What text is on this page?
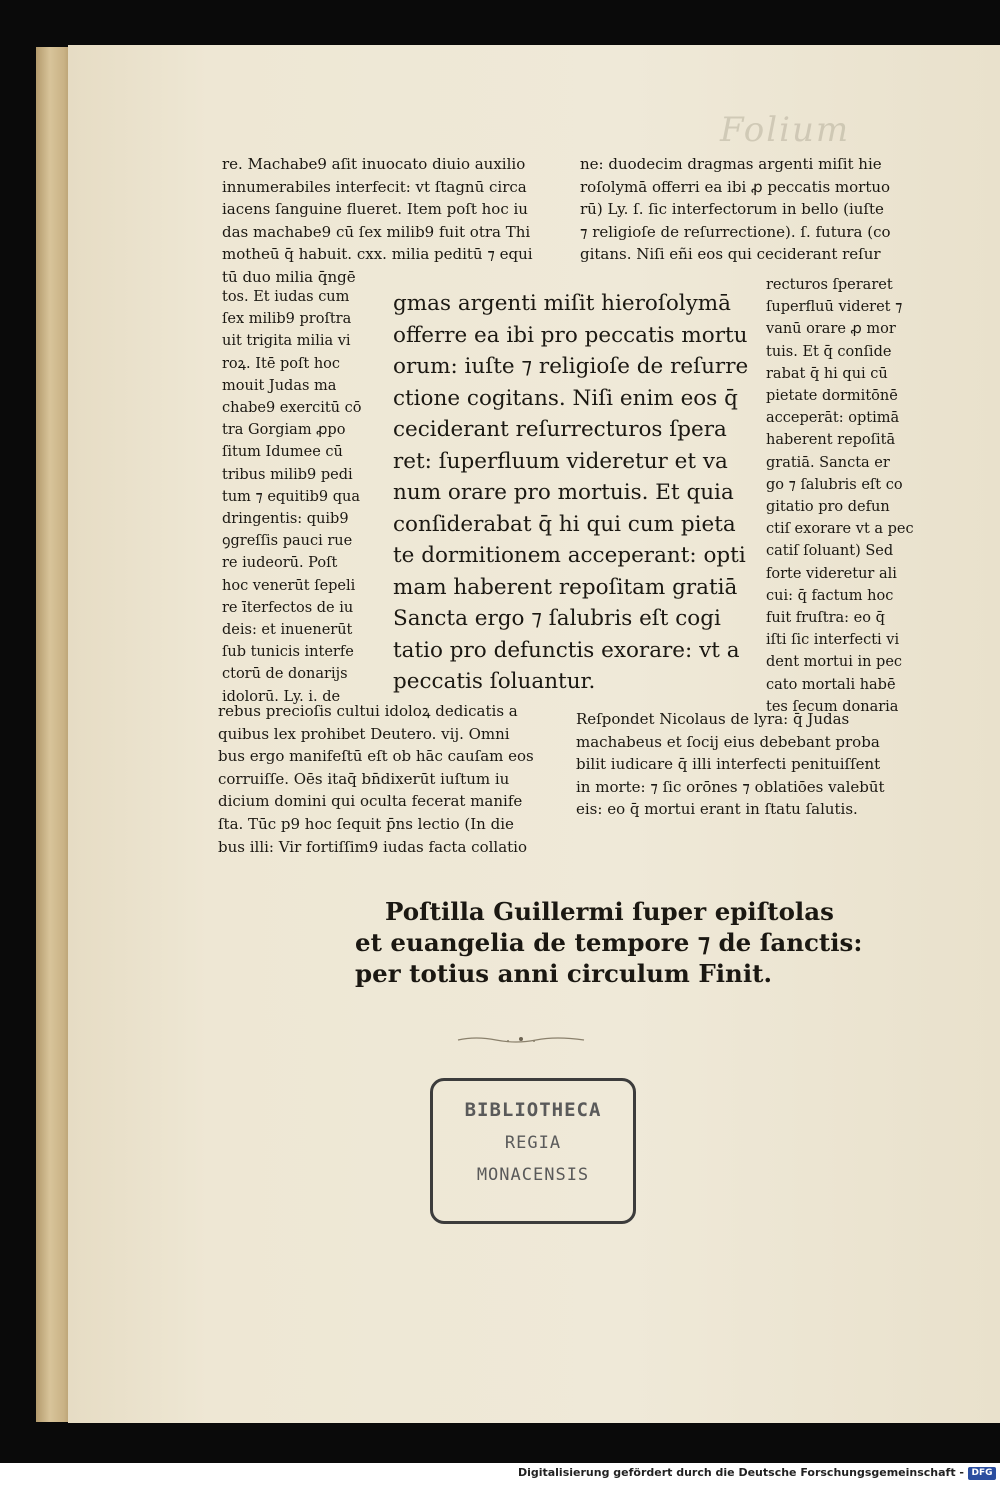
Folium
re. Machabe9 aſit inuocato diuio auxilio
innumerabiles interfecit: vt ſtagnū circa
iacens ſanguine flueret. Item poſt hoc iu
das machabe9 cū ſex milib9 fuit otra Thi
motheū q̄ habuit. cxx. milia peditū ⁊ equi
tū duo milia q̄ngē
ne: duodecim dragmas argenti miſit hie
roſolymā offerri ea ibi ꝓ peccatis mortuo
rū) Ly. ſ. ſic interfectorum in bello (iuſte
⁊ religioſe de reſurrectione). ſ. futura (co
gitans. Niſi eñi eos qui ceciderant reſur
tos. Et iudas cum
ſex milib9 proſtra
uit trigita milia vi
roꝝ. Itē poſt hoc
mouit Judas ma
chabe9 exercitū cō
tra Gorgiam ꝓpo
ſitum Idumee cū
tribus milib9 pedi
tum ⁊ equitib9 qua
dringentis: quib9
ꝯgreſſis pauci rue
re iudeorū. Poſt
hoc venerūt ſepeli
re īterfectos de iu
deis: et inuenerūt
ſub tunicis interfe
ctorū de donarijs
idolorū. Ly. i. de
gmas argenti miſit hieroſolymā
offerre ea ibi pro peccatis mortu
orum: iuſte ⁊ religioſe de reſurre
ctione cogitans. Niſi enim eos q̄
ceciderant reſurrecturos ſpera
ret: ſuperfluum videretur et va
num orare pro mortuis. Et quia
conſiderabat q̄ hi qui cum pieta
te dormitionem acceperant: opti
mam haberent repoſitam gratiā
Sancta ergo ⁊ ſalubris eſt cogi
tatio pro defunctis exorare: vt a
peccatis ſoluantur.
recturos ſperaret
ſuperfluū videret ⁊
vanū orare ꝓ mor
tuis. Et q̄ conſide
rabat q̄ hi qui cū
pietate dormitōnē
acceperāt: optimā
haberent repoſitā
gratiā. Sancta er
go ⁊ ſalubris eſt co
gitatio pro defun
ctiſ exorare vt a pec
catiſ ſoluant) Sed
forte videretur ali
cui: q̄ factum hoc
fuit fruſtra: eo q̄
iſti ſic interfecti vi
dent mortui in pec
cato mortali habē
tes ſecum donaria
rebus precioſis cultui idoloꝝ dedicatis a
quibus lex prohibet Deutero. vij. Omni
bus ergo manifeſtū eſt ob hāc cauſam eos
corruiſſe. Oēs itaq̄ bn̄dixerūt iuſtum iu
dicium domini qui oculta fecerat manife
ſta. Tūc p9 hoc ſequit p̄ns lectio (In die
bus illi: Vir fortiſſim9 iudas facta collatio
Reſpondet Nicolaus de lyra: q̄ Judas
machabeus et ſocij eius debebant proba
bilit iudicare q̄ illi interfecti penituiſſent
in morte: ⁊ ſic orōnes ⁊ oblatiōes valebūt
eis: eo q̄ mortui erant in ſtatu ſalutis.
Poſtilla Guillermi ſuper epiſtolas
et euangelia de tempore ⁊ de ſanctis:
per totius anni circulum Finit.
BIBLIOTHECA
REGIA
MONACENSIS
Digitalisierung gefördert durch die Deutsche Forschungsgemeinschaft - DFG
